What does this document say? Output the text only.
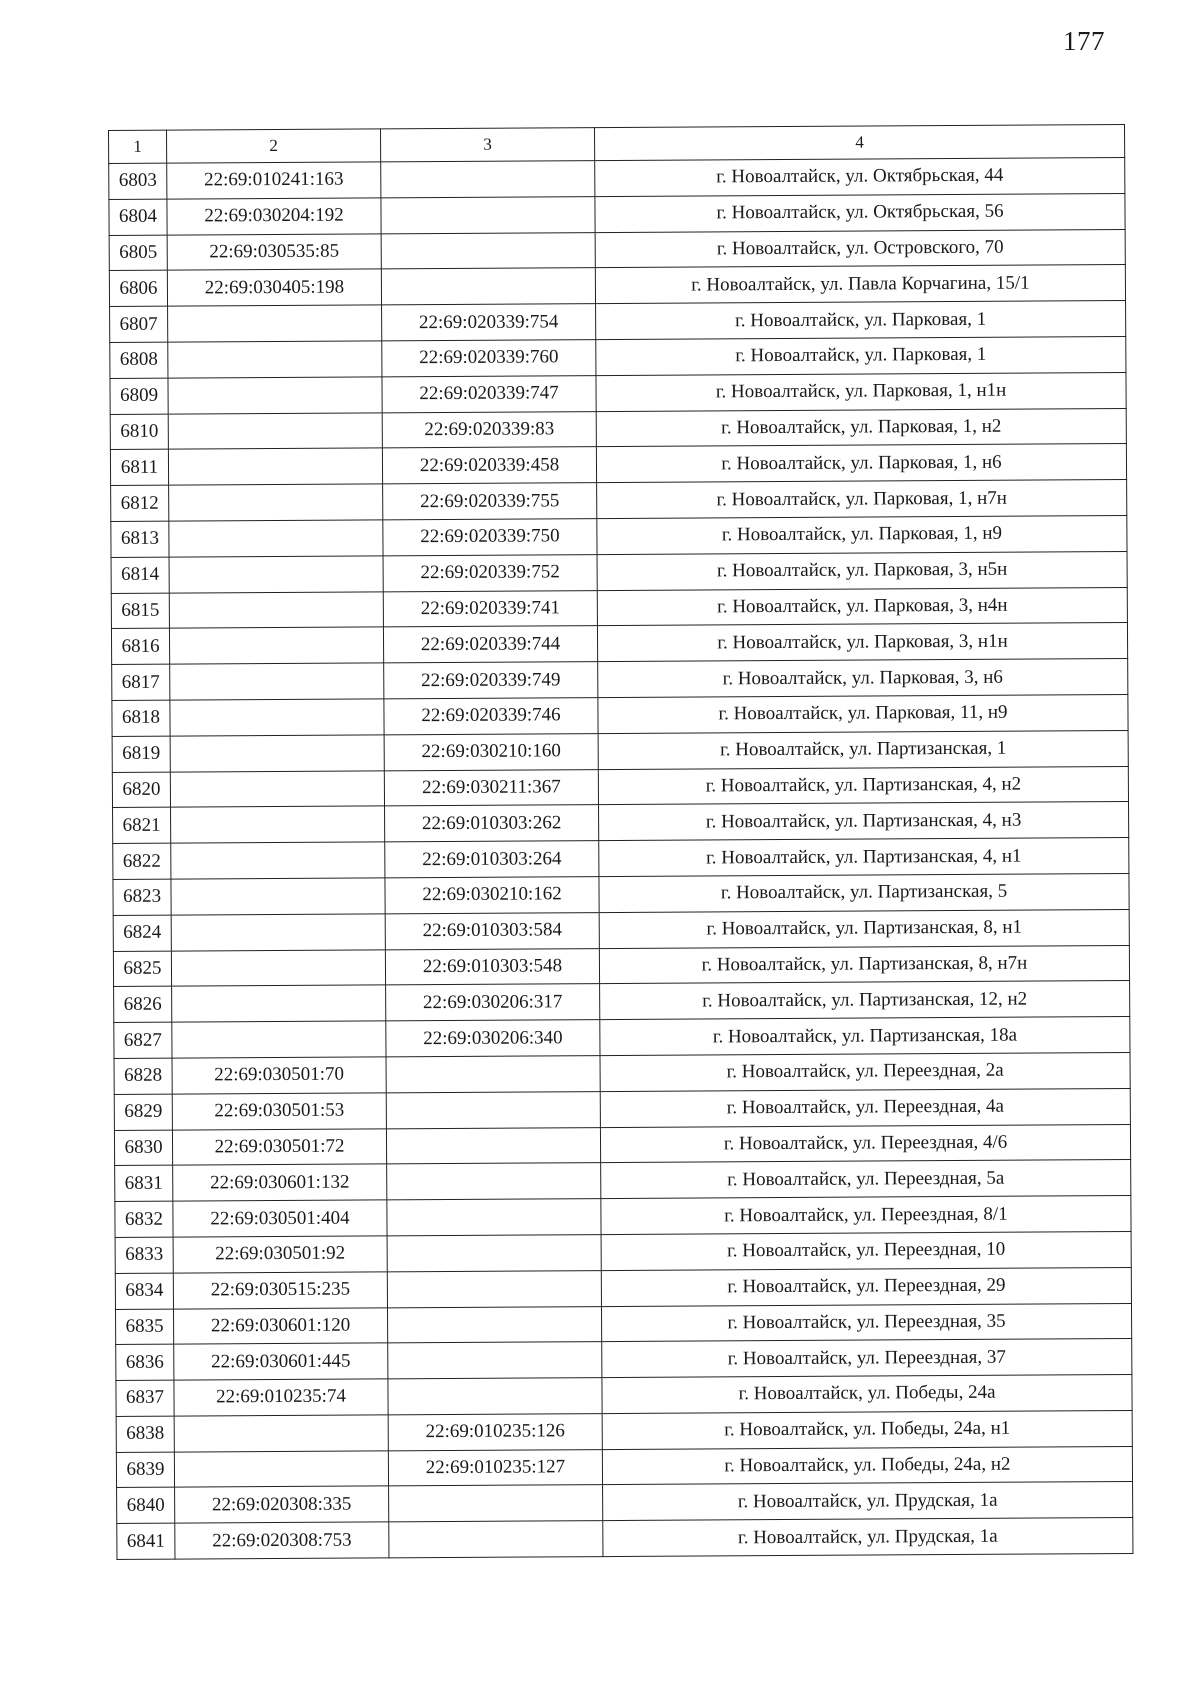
177
1	2	3	4
6803	22:69:010241:163		г. Новоалтайск, ул. Октябрьская, 44
6804	22:69:030204:192		г. Новоалтайск, ул. Октябрьская, 56
6805	22:69:030535:85		г. Новоалтайск, ул. Островского, 70
6806	22:69:030405:198		г. Новоалтайск, ул. Павла Корчагина, 15/1
6807		22:69:020339:754	г. Новоалтайск, ул. Парковая, 1
6808		22:69:020339:760	г. Новоалтайск, ул. Парковая, 1
6809		22:69:020339:747	г. Новоалтайск, ул. Парковая, 1, н1н
6810		22:69:020339:83	г. Новоалтайск, ул. Парковая, 1, н2
6811		22:69:020339:458	г. Новоалтайск, ул. Парковая, 1, н6
6812		22:69:020339:755	г. Новоалтайск, ул. Парковая, 1, н7н
6813		22:69:020339:750	г. Новоалтайск, ул. Парковая, 1, н9
6814		22:69:020339:752	г. Новоалтайск, ул. Парковая, 3, н5н
6815		22:69:020339:741	г. Новоалтайск, ул. Парковая, 3, н4н
6816		22:69:020339:744	г. Новоалтайск, ул. Парковая, 3, н1н
6817		22:69:020339:749	г. Новоалтайск, ул. Парковая, 3, н6
6818		22:69:020339:746	г. Новоалтайск, ул. Парковая, 11, н9
6819		22:69:030210:160	г. Новоалтайск, ул. Партизанская, 1
6820		22:69:030211:367	г. Новоалтайск, ул. Партизанская, 4, н2
6821		22:69:010303:262	г. Новоалтайск, ул. Партизанская, 4, н3
6822		22:69:010303:264	г. Новоалтайск, ул. Партизанская, 4, н1
6823		22:69:030210:162	г. Новоалтайск, ул. Партизанская, 5
6824		22:69:010303:584	г. Новоалтайск, ул. Партизанская, 8, н1
6825		22:69:010303:548	г. Новоалтайск, ул. Партизанская, 8, н7н
6826		22:69:030206:317	г. Новоалтайск, ул. Партизанская, 12, н2
6827		22:69:030206:340	г. Новоалтайск, ул. Партизанская, 18а
6828	22:69:030501:70		г. Новоалтайск, ул. Переездная, 2а
6829	22:69:030501:53		г. Новоалтайск, ул. Переездная, 4а
6830	22:69:030501:72		г. Новоалтайск, ул. Переездная, 4/6
6831	22:69:030601:132		г. Новоалтайск, ул. Переездная, 5а
6832	22:69:030501:404		г. Новоалтайск, ул. Переездная, 8/1
6833	22:69:030501:92		г. Новоалтайск, ул. Переездная, 10
6834	22:69:030515:235		г. Новоалтайск, ул. Переездная, 29
6835	22:69:030601:120		г. Новоалтайск, ул. Переездная, 35
6836	22:69:030601:445		г. Новоалтайск, ул. Переездная, 37
6837	22:69:010235:74		г. Новоалтайск, ул. Победы, 24а
6838		22:69:010235:126	г. Новоалтайск, ул. Победы, 24а, н1
6839		22:69:010235:127	г. Новоалтайск, ул. Победы, 24а, н2
6840	22:69:020308:335		г. Новоалтайск, ул. Прудская, 1а
6841	22:69:020308:753		г. Новоалтайск, ул. Прудская, 1а
